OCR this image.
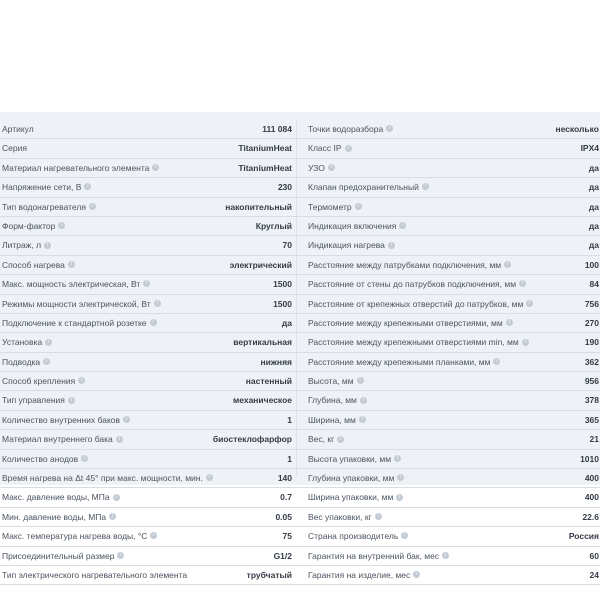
Артикул	111 084
Серия	TitaniumHeat
Материал нагревательного элемента i	TitaniumHeat
Напряжение сети, В i	230
Тип водонагревателя i	накопительный
Форм-фактор i	Круглый
Литраж, л i	70
Способ нагрева i	электрический
Макс. мощность электрическая, Вт i	1500
Режимы мощности электрической, Вт i	1500
Подключение к стандартной розетке i	да
Установка i	вертикальная
Подводка i	нижняя
Способ крепления i	настенный
Тип управления i	механическое
Количество внутренних баков i	1
Материал внутреннего бака i	биостеклофарфор
Количество анодов i	1
Время нагрева на Δt 45° при макс. мощности, мин. i	140
Макс. давление воды, МПа i	0.7
Мин. давление воды, МПа i	0.05
Макс. температура нагрева воды, °С i	75
Присоединительный размер i	G1/2
Тип электрического нагревательного элемента	трубчатый
Точки водоразбора i	несколько
Класс IP i	IPX4
УЗО i	да
Клапан предохранительный i	да
Термометр i	да
Индикация включения i	да
Индикация нагрева i	да
Расстояние между патрубками подключения, мм i	100
Расстояние от стены до патрубков подключения, мм i	84
Расстояние от крепежных отверстий до патрубков, мм i	756
Расстояние между крепежными отверстиями, мм i	270
Расстояние между крепежными отверстиями min, мм i	190
Расстояние между крепежными планками, мм i	362
Высота, мм i	956
Глубина, мм i	378
Ширина, мм i	365
Вес, кг i	21
Высота упаковки, мм i	1010
Глубина упаковки, мм i	400
Ширина упаковки, мм i	400
Вес упаковки, кг i	22.6
Страна производитель i	Россия
Гарантия на внутренний бак, мес i	60
Гарантия на изделие, мес i	24
